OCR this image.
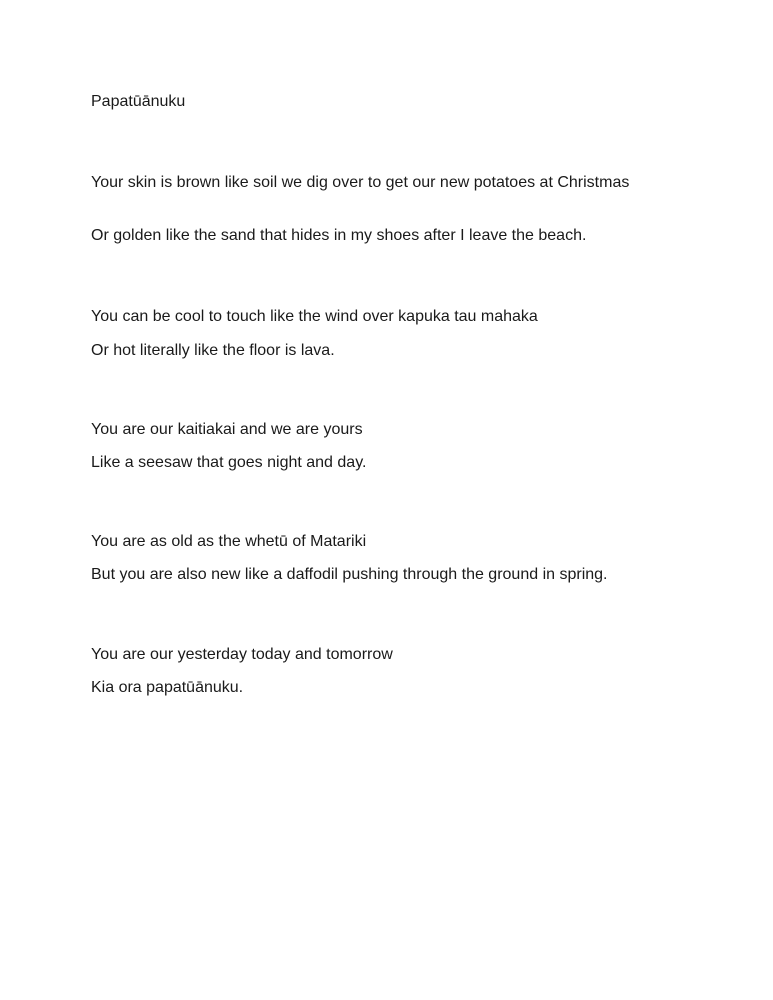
Papatūānuku

Your skin is brown like soil we dig over to get our new potatoes at Christmas

Or golden like the sand that hides in my shoes after I leave the beach.

You can be cool to touch like the wind over kapuka tau mahaka

Or hot literally like the floor is lava.

You are our kaitiakai and we are yours

Like a seesaw that goes night and day.

You are as old as the whetū of Matariki

But you are also new like a daffodil pushing through the ground in spring.

You are our yesterday today and tomorrow

Kia ora papatūānuku.
